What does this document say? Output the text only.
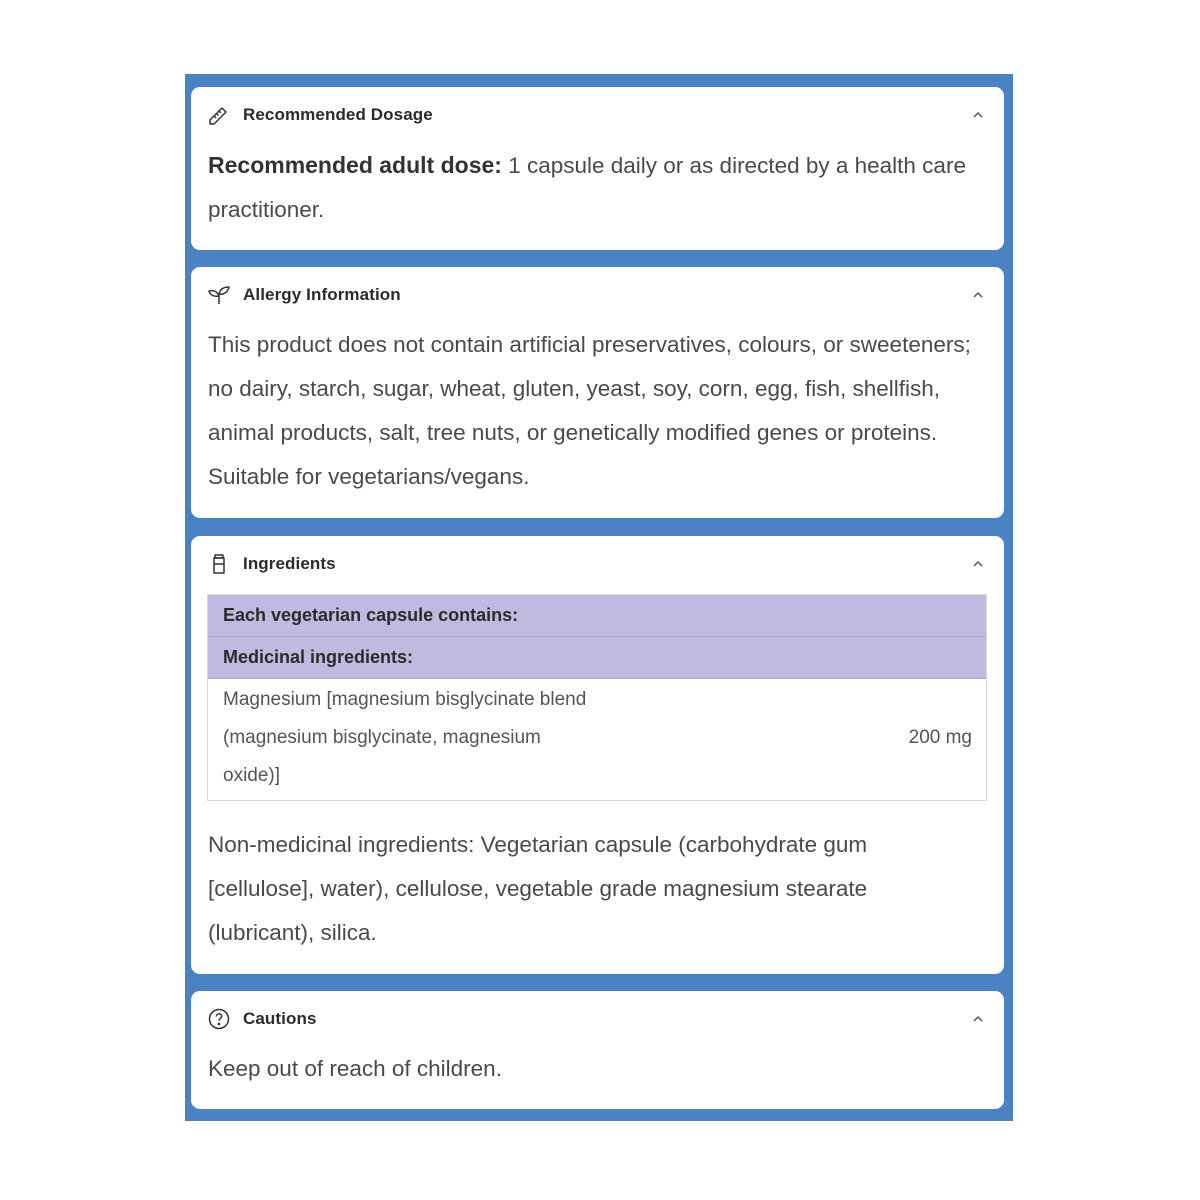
Recommended Dosage
Recommended adult dose: 1 capsule daily or as directed by a health care practitioner.
Allergy Information
This product does not contain artificial preservatives, colours, or sweeteners; no dairy, starch, sugar, wheat, gluten, yeast, soy, corn, egg, fish, shellfish, animal products, salt, tree nuts, or genetically modified genes or proteins. Suitable for vegetarians/vegans.
Ingredients
Each vegetarian capsule contains:
Medicinal ingredients:
Magnesium [magnesium bisglycinate blend (magnesium bisglycinate, magnesium oxide)]
200 mg
Non-medicinal ingredients: Vegetarian capsule (carbohydrate gum [cellulose], water), cellulose, vegetable grade magnesium stearate (lubricant), silica.
Cautions
Keep out of reach of children.
